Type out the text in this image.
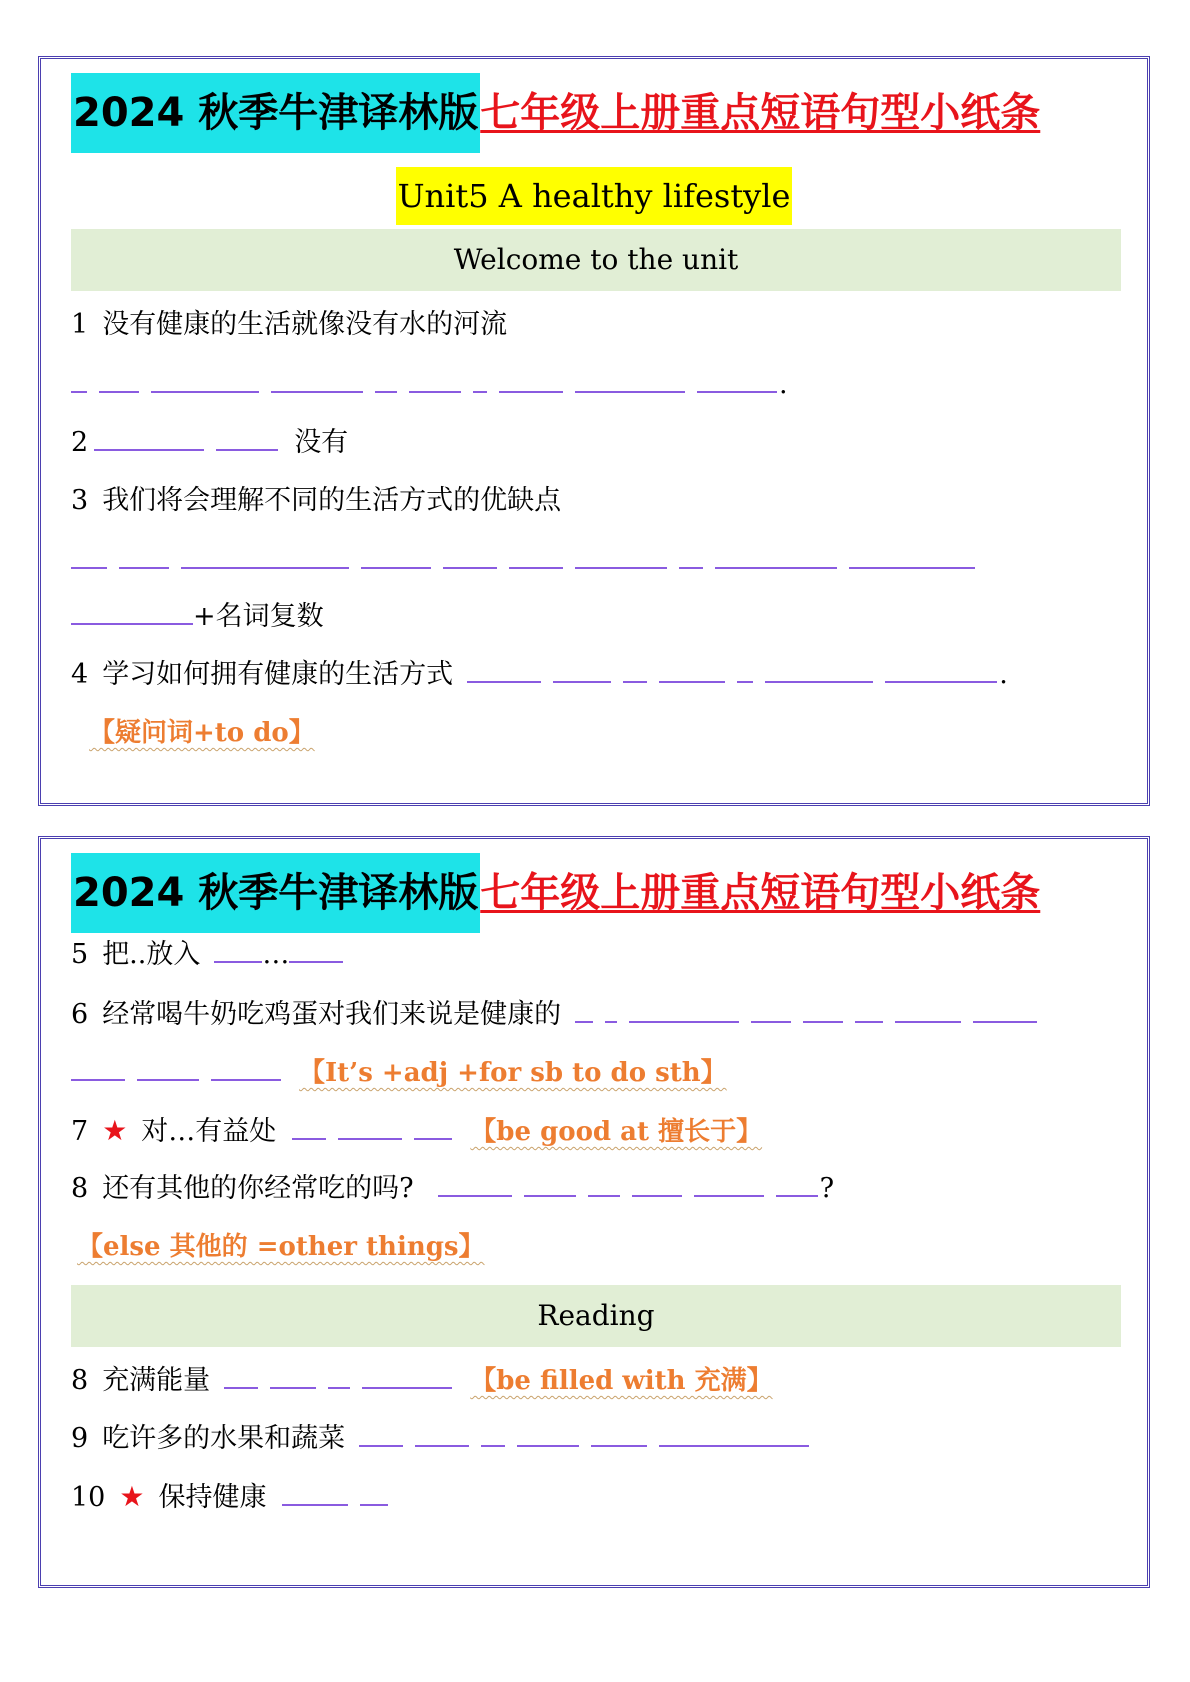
2024 秋季牛津译林版七年级上册重点短语句型小纸条
Unit5 A healthy lifestyle
Welcome to the unit
1 没有健康的生活就像没有水的河流
.
2	没有
3 我们将会理解不同的生活方式的优缺点
+名词复数
4 学习如何拥有健康的生活方式	.
【疑问词+to do】
2024 秋季牛津译林版七年级上册重点短语句型小纸条
5 把..放入 …
6 经常喝牛奶吃鸡蛋对我们来说是健康的
【It’s +adj +for sb to do sth】
7 ★ 对…有益处	【be good at 擅长于】
8 还有其他的你经常吃的吗?	?
【else 其他的 =other things】
Reading
8 充满能量	【be filled with 充满】
9 吃许多的水果和蔬菜
10 ★ 保持健康
